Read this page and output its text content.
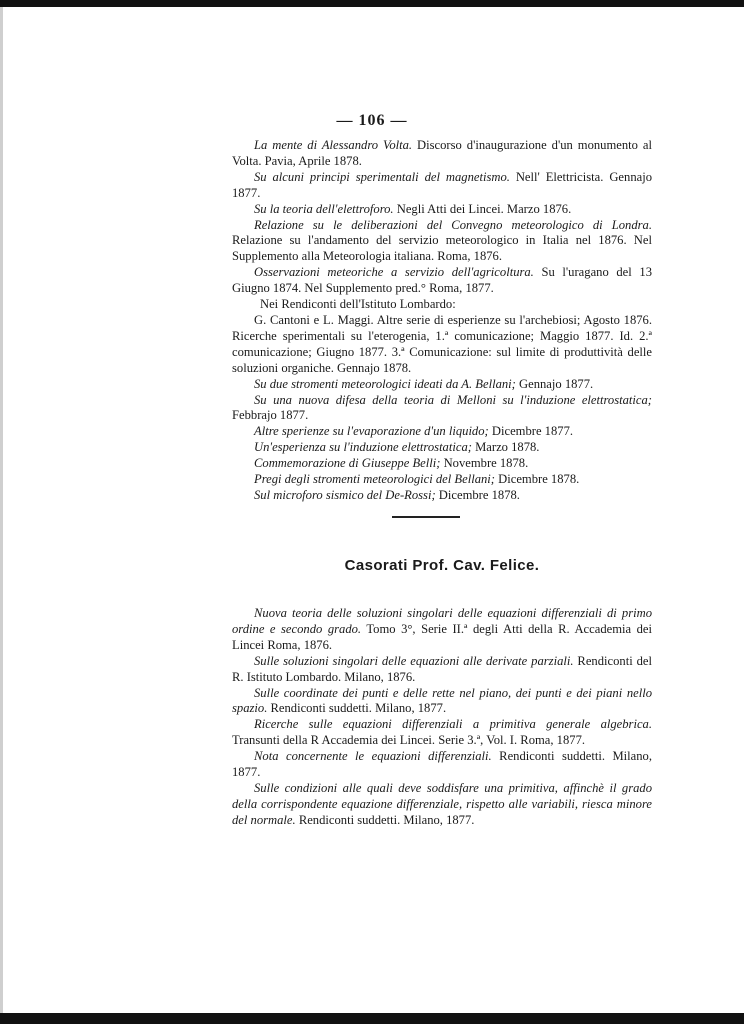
— 106 —

La mente di Alessandro Volta. Discorso d'inaugurazione d'un monumento al Volta. Pavia, Aprile 1878.

Su alcuni principi sperimentali del magnetismo. Nell' Elettricista. Gennajo 1877.

Su la teoria dell'elettroforo. Negli Atti dei Lincei. Marzo 1876.

Relazione su le deliberazioni del Convegno meteorologico di Londra. Relazione su l'andamento del servizio meteorologico in Italia nel 1876. Nel Supplemento alla Meteorologia italiana. Roma, 1876.

Osservazioni meteoriche a servizio dell'agricoltura. Su l'uragano del 13 Giugno 1874. Nel Supplemento pred.° Roma, 1877.

Nei Rendiconti dell'Istituto Lombardo:

G. Cantoni e L. Maggi. Altre serie di esperienze su l'archebiosi; Agosto 1876. Ricerche sperimentali su l'eterogenia, 1.ª comunicazione; Maggio 1877. Id. 2.ª comunicazione; Giugno 1877. 3.ª Comunicazione: sul limite di produttività delle soluzioni organiche. Gennajo 1878.

Su due stromenti meteorologici ideati da A. Bellani; Gennajo 1877.

Su una nuova difesa della teoria di Melloni su l'induzione elettrostatica; Febbrajo 1877.

Altre sperienze su l'evaporazione d'un liquido; Dicembre 1877.

Un'esperienza su l'induzione elettrostatica; Marzo 1878.

Commemorazione di Giuseppe Belli; Novembre 1878.

Pregi degli stromenti meteorologici del Bellani; Dicembre 1878.

Sul microforo sismico del De-Rossi; Dicembre 1878.

Casorati Prof. Cav. Felice.

Nuova teoria delle soluzioni singolari delle equazioni differenziali di primo ordine e secondo grado. Tomo 3°, Serie II.ª degli Atti della R. Accademia dei Lincei Roma, 1876.

Sulle soluzioni singolari delle equazioni alle derivate parziali. Rendiconti del R. Istituto Lombardo. Milano, 1876.

Sulle coordinate dei punti e delle rette nel piano, dei punti e dei piani nello spazio. Rendiconti suddetti. Milano, 1877.

Ricerche sulle equazioni differenziali a primitiva generale algebrica. Transunti della R Accademia dei Lincei. Serie 3.ª, Vol. I. Roma, 1877.

Nota concernente le equazioni differenziali. Rendiconti suddetti. Milano, 1877.

Sulle condizioni alle quali deve soddisfare una primitiva, affinchè il grado della corrispondente equazione differenziale, rispetto alle variabili, riesca minore del normale. Rendiconti suddetti. Milano, 1877.
